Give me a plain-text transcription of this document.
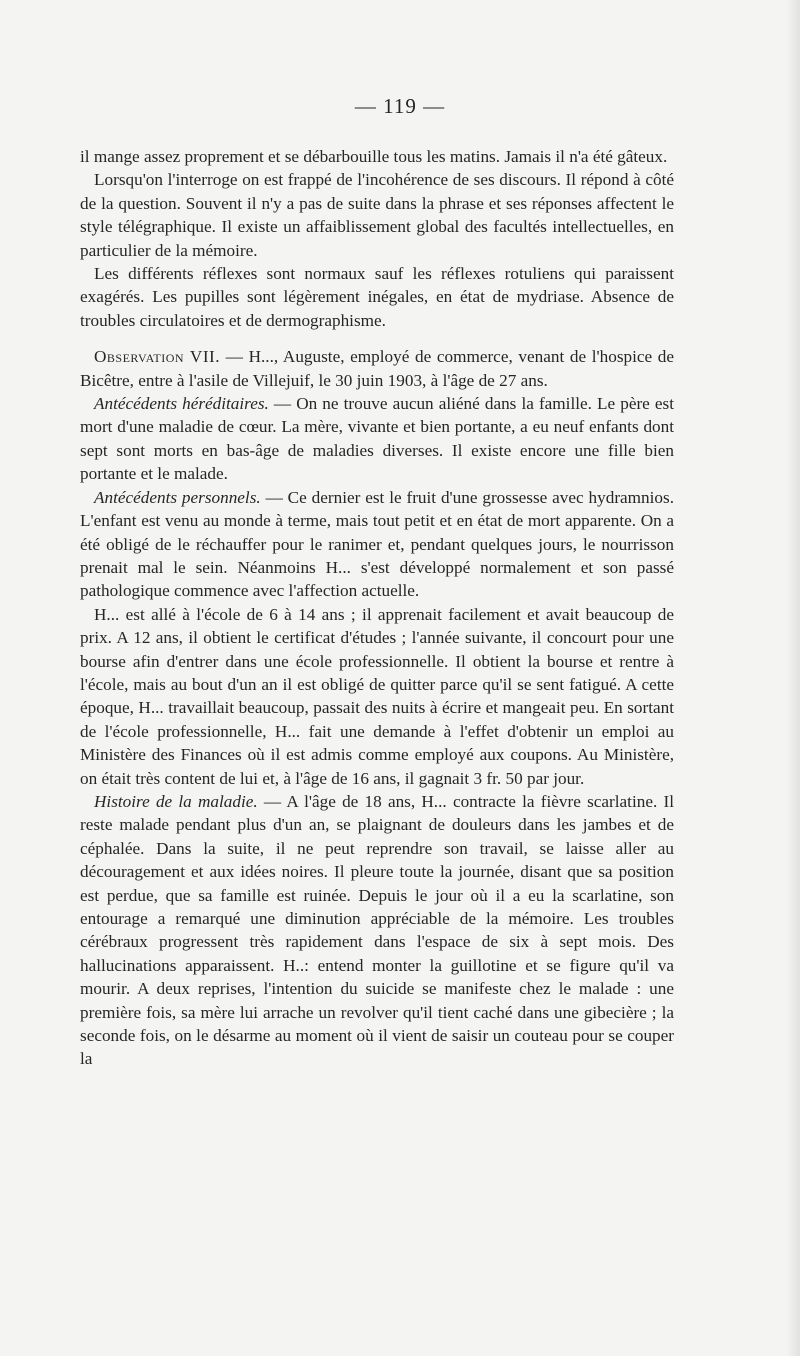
— 119 —

il mange assez proprement et se débarbouille tous les matins. Jamais il n'a été gâteux.

Lorsqu'on l'interroge on est frappé de l'incohérence de ses discours. Il répond à côté de la question. Souvent il n'y a pas de suite dans la phrase et ses réponses affectent le style télégraphique. Il existe un affaiblissement global des facultés intellectuelles, en particulier de la mémoire.

Les différents réflexes sont normaux sauf les réflexes rotuliens qui paraissent exagérés. Les pupilles sont légèrement inégales, en état de mydriase. Absence de troubles circulatoires et de dermographisme.

Observation VII. — H..., Auguste, employé de commerce, venant de l'hospice de Bicêtre, entre à l'asile de Villejuif, le 30 juin 1903, à l'âge de 27 ans.

Antécédents héréditaires. — On ne trouve aucun aliéné dans la famille. Le père est mort d'une maladie de cœur. La mère, vivante et bien portante, a eu neuf enfants dont sept sont morts en bas-âge de maladies diverses. Il existe encore une fille bien portante et le malade.

Antécédents personnels. — Ce dernier est le fruit d'une grossesse avec hydramnios. L'enfant est venu au monde à terme, mais tout petit et en état de mort apparente. On a été obligé de le réchauffer pour le ranimer et, pendant quelques jours, le nourrisson prenait mal le sein. Néanmoins H... s'est développé normalement et son passé pathologique commence avec l'affection actuelle.

H... est allé à l'école de 6 à 14 ans ; il apprenait facilement et avait beaucoup de prix. A 12 ans, il obtient le certificat d'études ; l'année suivante, il concourt pour une bourse afin d'entrer dans une école professionnelle. Il obtient la bourse et rentre à l'école, mais au bout d'un an il est obligé de quitter parce qu'il se sent fatigué. A cette époque, H... travaillait beaucoup, passait des nuits à écrire et mangeait peu. En sortant de l'école professionnelle, H... fait une demande à l'effet d'obtenir un emploi au Ministère des Finances où il est admis comme employé aux coupons. Au Ministère, on était très content de lui et, à l'âge de 16 ans, il gagnait 3 fr. 50 par jour.

Histoire de la maladie. — A l'âge de 18 ans, H... contracte la fièvre scarlatine. Il reste malade pendant plus d'un an, se plaignant de douleurs dans les jambes et de céphalée. Dans la suite, il ne peut reprendre son travail, se laisse aller au découragement et aux idées noires. Il pleure toute la journée, disant que sa position est perdue, que sa famille est ruinée. Depuis le jour où il a eu la scarlatine, son entourage a remarqué une diminution appréciable de la mémoire. Les troubles cérébraux progressent très rapidement dans l'espace de six à sept mois. Des hallucinations apparaissent. H..: entend monter la guillotine et se figure qu'il va mourir. A deux reprises, l'intention du suicide se manifeste chez le malade : une première fois, sa mère lui arrache un revolver qu'il tient caché dans une gibecière ; la seconde fois, on le désarme au moment où il vient de saisir un couteau pour se couper la
